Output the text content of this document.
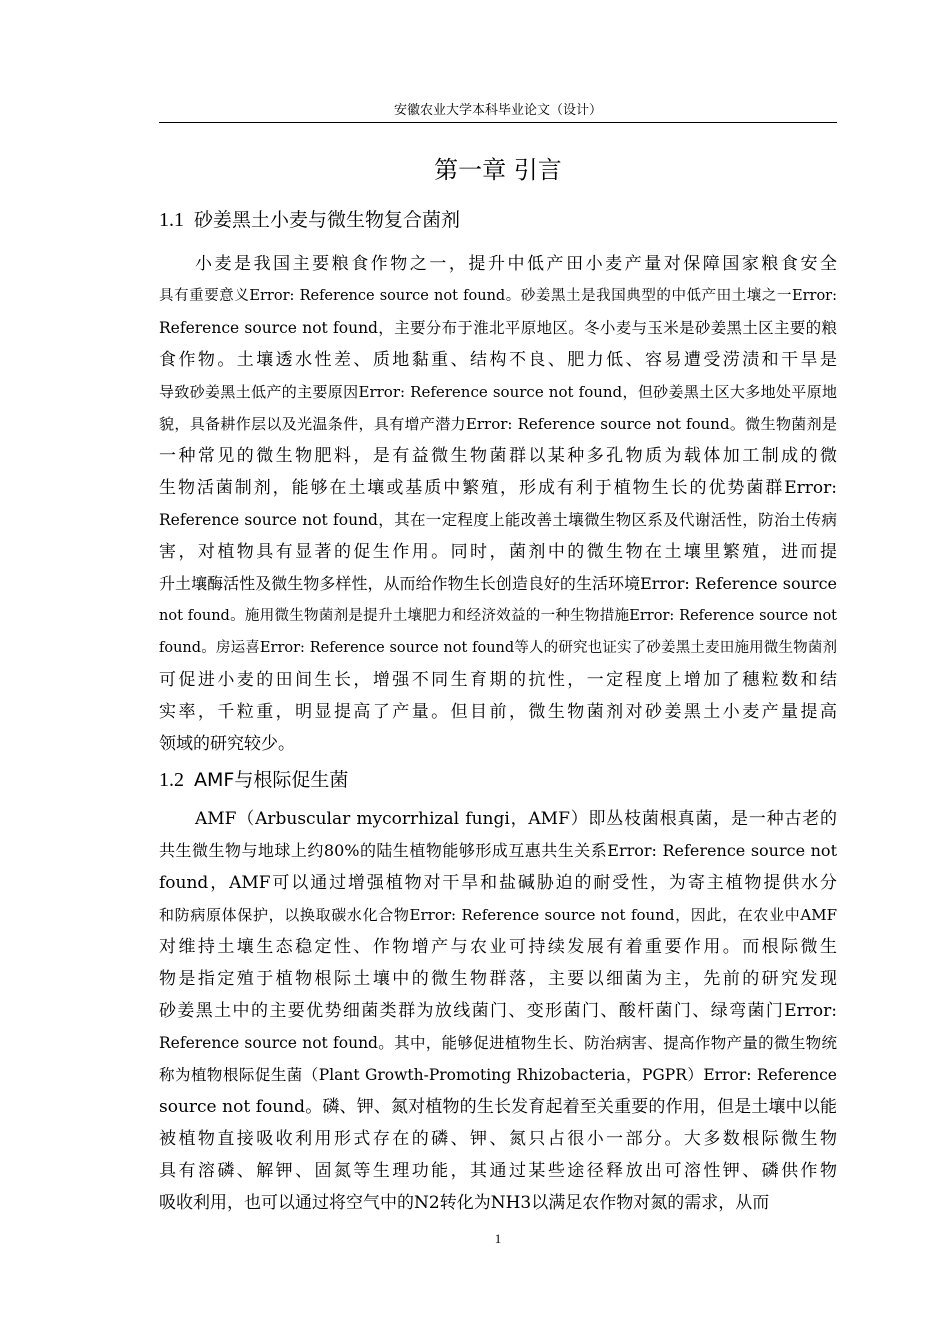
安徽农业大学本科毕业论文（设计）
第一章 引言
1.1 砂姜黑土小麦与微生物复合菌剂
小麦是我国主要粮食作物之一，提升中低产田小麦产量对保障国家粮食安全
具有重要意义Error: Reference source not found。砂姜黑土是我国典型的中低产田土壤之一Error:
Reference source not found，主要分布于淮北平原地区。冬小麦与玉米是砂姜黑土区主要的粮
食作物。土壤透水性差、质地黏重、结构不良、肥力低、容易遭受涝渍和干旱是
导致砂姜黑土低产的主要原因Error: Reference source not found，但砂姜黑土区大多地处平原地
貌，具备耕作层以及光温条件，具有增产潜力Error: Reference source not found。微生物菌剂是
一种常见的微生物肥料，是有益微生物菌群以某种多孔物质为载体加工制成的微
生物活菌制剂，能够在土壤或基质中繁殖，形成有利于植物生长的优势菌群Error:
Reference source not found，其在一定程度上能改善土壤微生物区系及代谢活性，防治土传病
害，对植物具有显著的促生作用。同时，菌剂中的微生物在土壤里繁殖，进而提
升土壤酶活性及微生物多样性，从而给作物生长创造良好的生活环境Error: Reference source
not found。施用微生物菌剂是提升土壤肥力和经济效益的一种生物措施Error: Reference source not
found。房运喜Error: Reference source not found等人的研究也证实了砂姜黑土麦田施用微生物菌剂
可促进小麦的田间生长，增强不同生育期的抗性，一定程度上增加了穗粒数和结
实率，千粒重，明显提高了产量。但目前，微生物菌剂对砂姜黑土小麦产量提高
领域的研究较少。
1.2 AMF与根际促生菌
AMF（Arbuscular mycorrhizal fungi，AMF）即丛枝菌根真菌，是一种古老的
共生微生物与地球上约80%的陆生植物能够形成互惠共生关系Error: Reference source not
found，AMF可以通过增强植物对干旱和盐碱胁迫的耐受性，为寄主植物提供水分
和防病原体保护，以换取碳水化合物Error: Reference source not found，因此，在农业中AMF
对维持土壤生态稳定性、作物增产与农业可持续发展有着重要作用。而根际微生
物是指定殖于植物根际土壤中的微生物群落，主要以细菌为主，先前的研究发现
砂姜黑土中的主要优势细菌类群为放线菌门、变形菌门、酸杆菌门、绿弯菌门Error:
Reference source not found。其中，能够促进植物生长、防治病害、提高作物产量的微生物统
称为植物根际促生菌（Plant Growth-Promoting Rhizobacteria，PGPR）Error: Reference
source not found。磷、钾、氮对植物的生长发育起着至关重要的作用，但是土壤中以能
被植物直接吸收利用形式存在的磷、钾、氮只占很小一部分。大多数根际微生物
具有溶磷、解钾、固氮等生理功能，其通过某些途径释放出可溶性钾、磷供作物
吸收利用，也可以通过将空气中的N2转化为NH3以满足农作物对氮的需求，从而
1
